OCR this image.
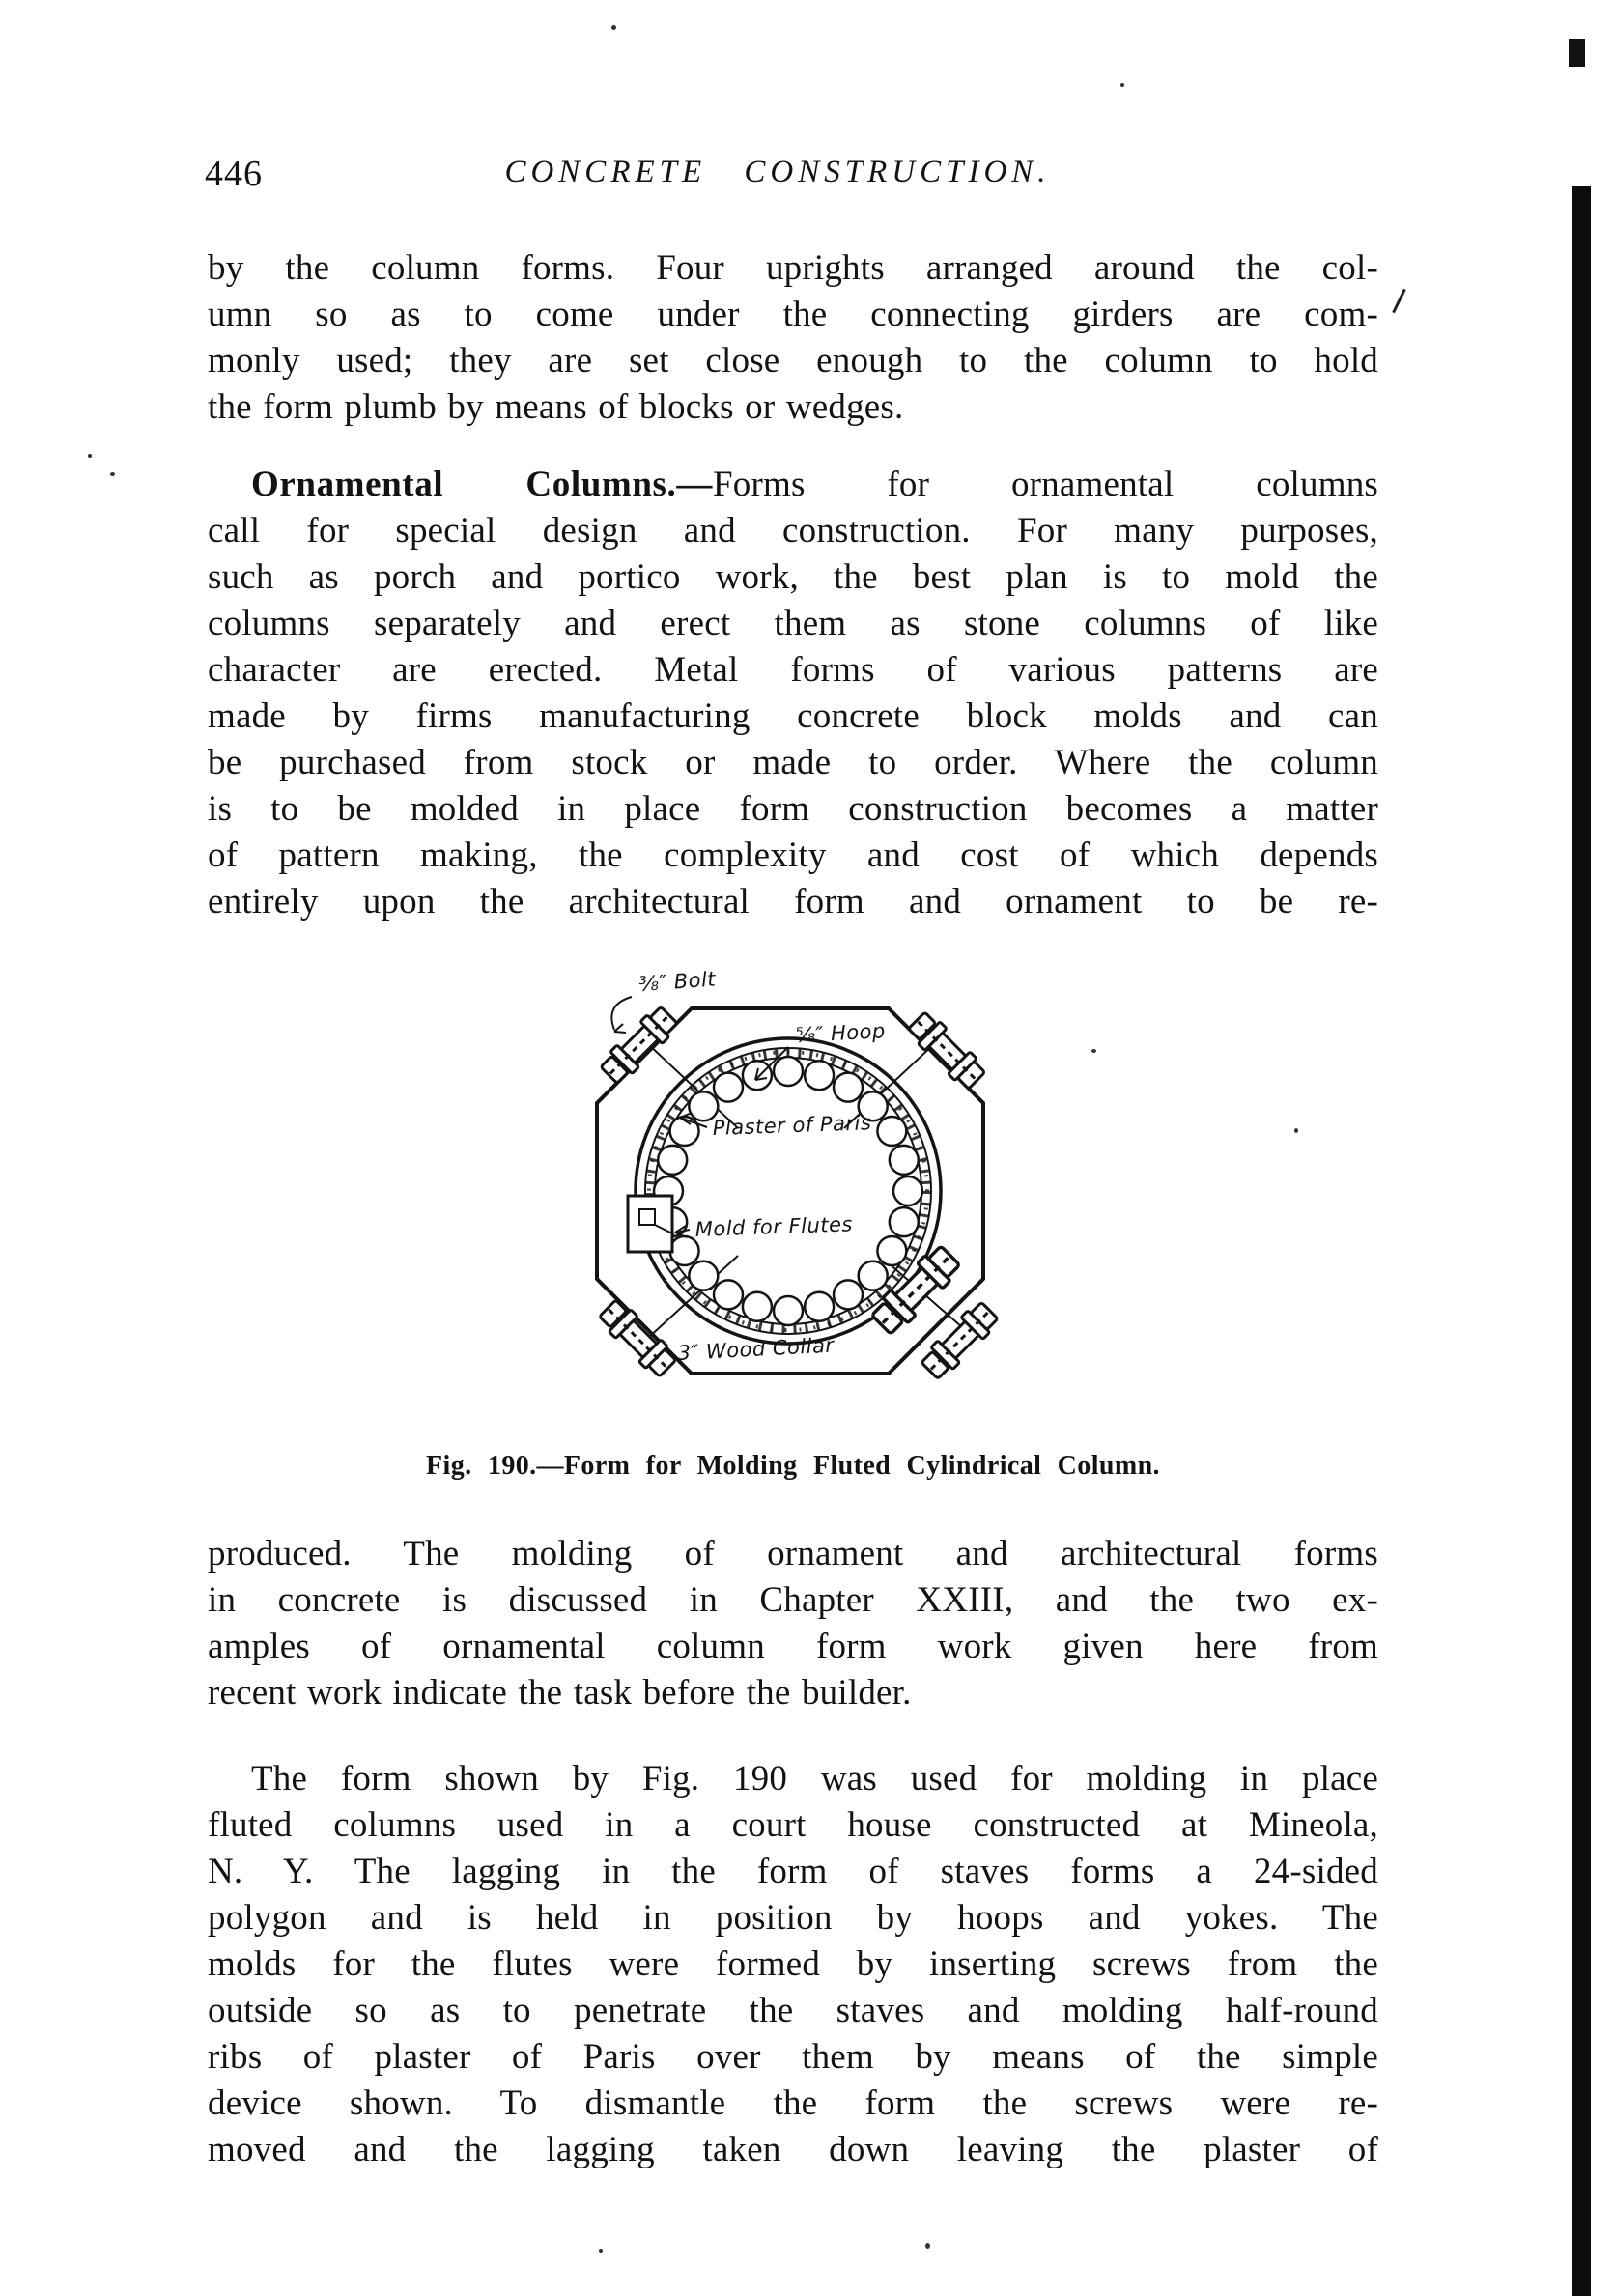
446	CONCRETE CONSTRUCTION.
by the column forms. Four uprights arranged around the col-
umn so as to come under the connecting girders are com-
monly used; they are set close enough to the column to hold
the form plumb by means of blocks or wedges.
Ornamental Columns.—Forms for ornamental columns
call for special design and construction. For many purposes,
such as porch and portico work, the best plan is to mold the
columns separately and erect them as stone columns of like
character are erected. Metal forms of various patterns are
made by firms manufacturing concrete block molds and can
be purchased from stock or made to order. Where the column
is to be molded in place form construction becomes a matter
of pattern making, the complexity and cost of which depends
entirely upon the architectural form and ornament to be re-
⅜″ Bolt
⅝″ Hoop
Plaster of Paris
Mold for Flutes
3″ Wood Collar
Fig. 190.—Form for Molding Fluted Cylindrical Column.
produced. The molding of ornament and architectural forms
in concrete is discussed in Chapter XXIII, and the two ex-
amples of ornamental column form work given here from
recent work indicate the task before the builder.
The form shown by Fig. 190 was used for molding in place
fluted columns used in a court house constructed at Mineola,
N. Y. The lagging in the form of staves forms a 24-sided
polygon and is held in position by hoops and yokes. The
molds for the flutes were formed by inserting screws from the
outside so as to penetrate the staves and molding half-round
ribs of plaster of Paris over them by means of the simple
device shown. To dismantle the form the screws were re-
moved and the lagging taken down leaving the plaster of
